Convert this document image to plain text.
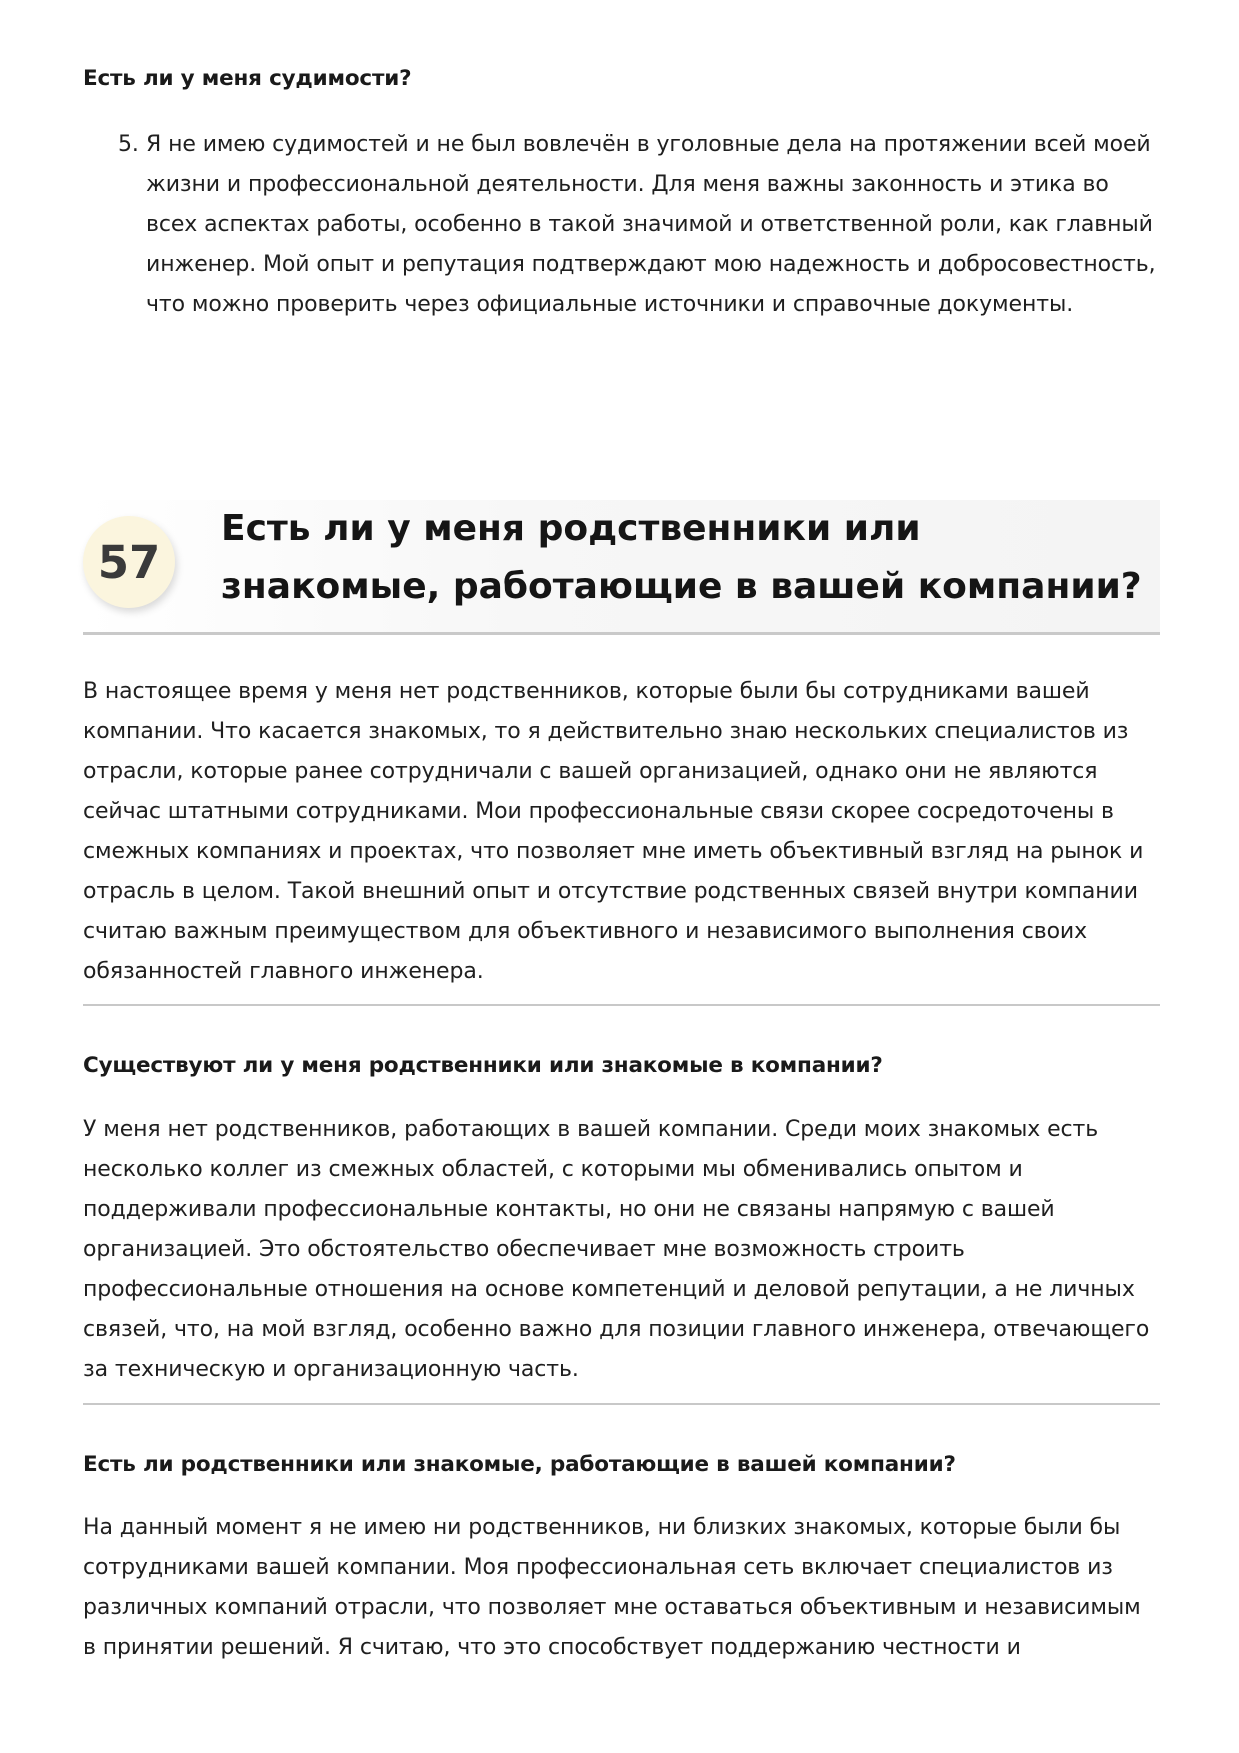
Есть ли у меня судимости?
5. Я не имею судимостей и не был вовлечён в уголовные дела на протяжении всей моей жизни и профессиональной деятельности. Для меня важны законность и этика во всех аспектах работы, особенно в такой значимой и ответственной роли, как главный инженер. Мой опыт и репутация подтверждают мою надежность и добросовестность, что можно проверить через официальные источники и справочные документы.

57
Есть ли у меня родственники или знакомые, работающие в вашей компании?

В настоящее время у меня нет родственников, которые были бы сотрудниками вашей компании. Что касается знакомых, то я действительно знаю нескольких специалистов из отрасли, которые ранее сотрудничали с вашей организацией, однако они не являются сейчас штатными сотрудниками. Мои профессиональные связи скорее сосредоточены в смежных компаниях и проектах, что позволяет мне иметь объективный взгляд на рынок и отрасль в целом. Такой внешний опыт и отсутствие родственных связей внутри компании считаю важным преимуществом для объективного и независимого выполнения своих обязанностей главного инженера.

Существуют ли у меня родственники или знакомые в компании?

У меня нет родственников, работающих в вашей компании. Среди моих знакомых есть несколько коллег из смежных областей, с которыми мы обменивались опытом и поддерживали профессиональные контакты, но они не связаны напрямую с вашей организацией. Это обстоятельство обеспечивает мне возможность строить профессиональные отношения на основе компетенций и деловой репутации, а не личных связей, что, на мой взгляд, особенно важно для позиции главного инженера, отвечающего за техническую и организационную часть.

Есть ли родственники или знакомые, работающие в вашей компании?

На данный момент я не имею ни родственников, ни близких знакомых, которые были бы сотрудниками вашей компании. Моя профессиональная сеть включает специалистов из различных компаний отрасли, что позволяет мне оставаться объективным и независимым в принятии решений. Я считаю, что это способствует поддержанию честности и
